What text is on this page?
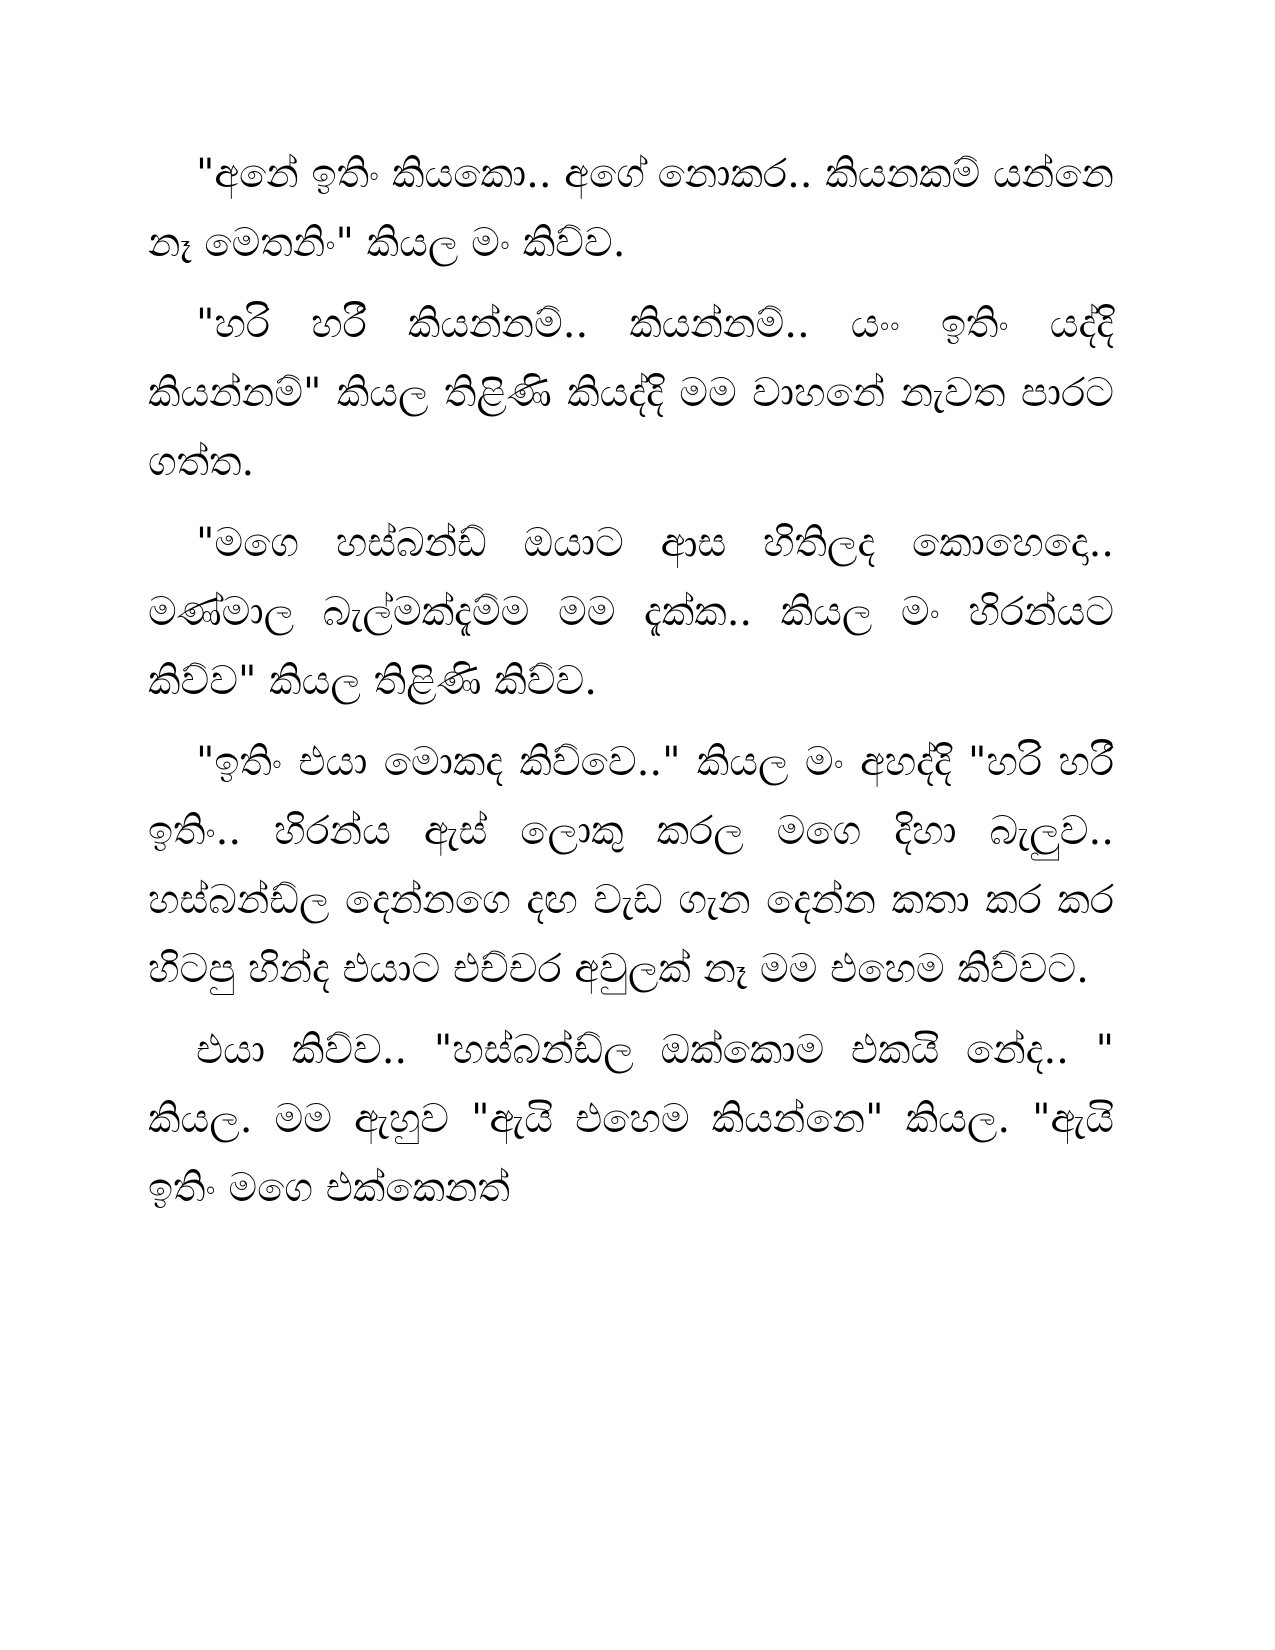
"අනේ ඉතිං කියකො.. අගේ නොකර.. කියනකම් යන්නෙ නෑ මෙතනිං" කියල මං කිව්ව.

"හරි හරී කියන්නම්.. කියන්නම්.. යංං ඉතිං යද්දි කියන්නම්" කියල තිළිණි කියද්දි මම වාහනේ නැවත පාරට ගත්ත.

"මගෙ හස්බන්ඩ් ඔයාට ආස හිතිලද කොහෙදො.. මණ්මාල බැල්මක්දැම්ම මම දැක්ක.. කියල මං හිරන්යට කිව්ව" කියල තිළිණි කිව්ව.

"ඉතිං එයා මොකද කිව්වෙ.." කියල මං අහද්දි "හරි හරී ඉතිං.. හිරන්ය ඇස් ලොකු කරල මගෙ දිහා බැලුව.. හස්බන්ඩ්ල දෙන්නගෙ දඟ වැඩ ගැන දෙන්න කතා කර කර හිටපු හින්ද එයාට එච්චර අවුලක් නෑ මම එහෙම කිව්වට.

එයා කිව්ව.. "හස්බන්ඩ්ල ඔක්කොම එකයි නේද.. " කියල. මම ඇහුව "ඇයි එහෙම කියන්නෙ" කියල. "ඇයි ඉතිං මගෙ එක්කෙනත්
